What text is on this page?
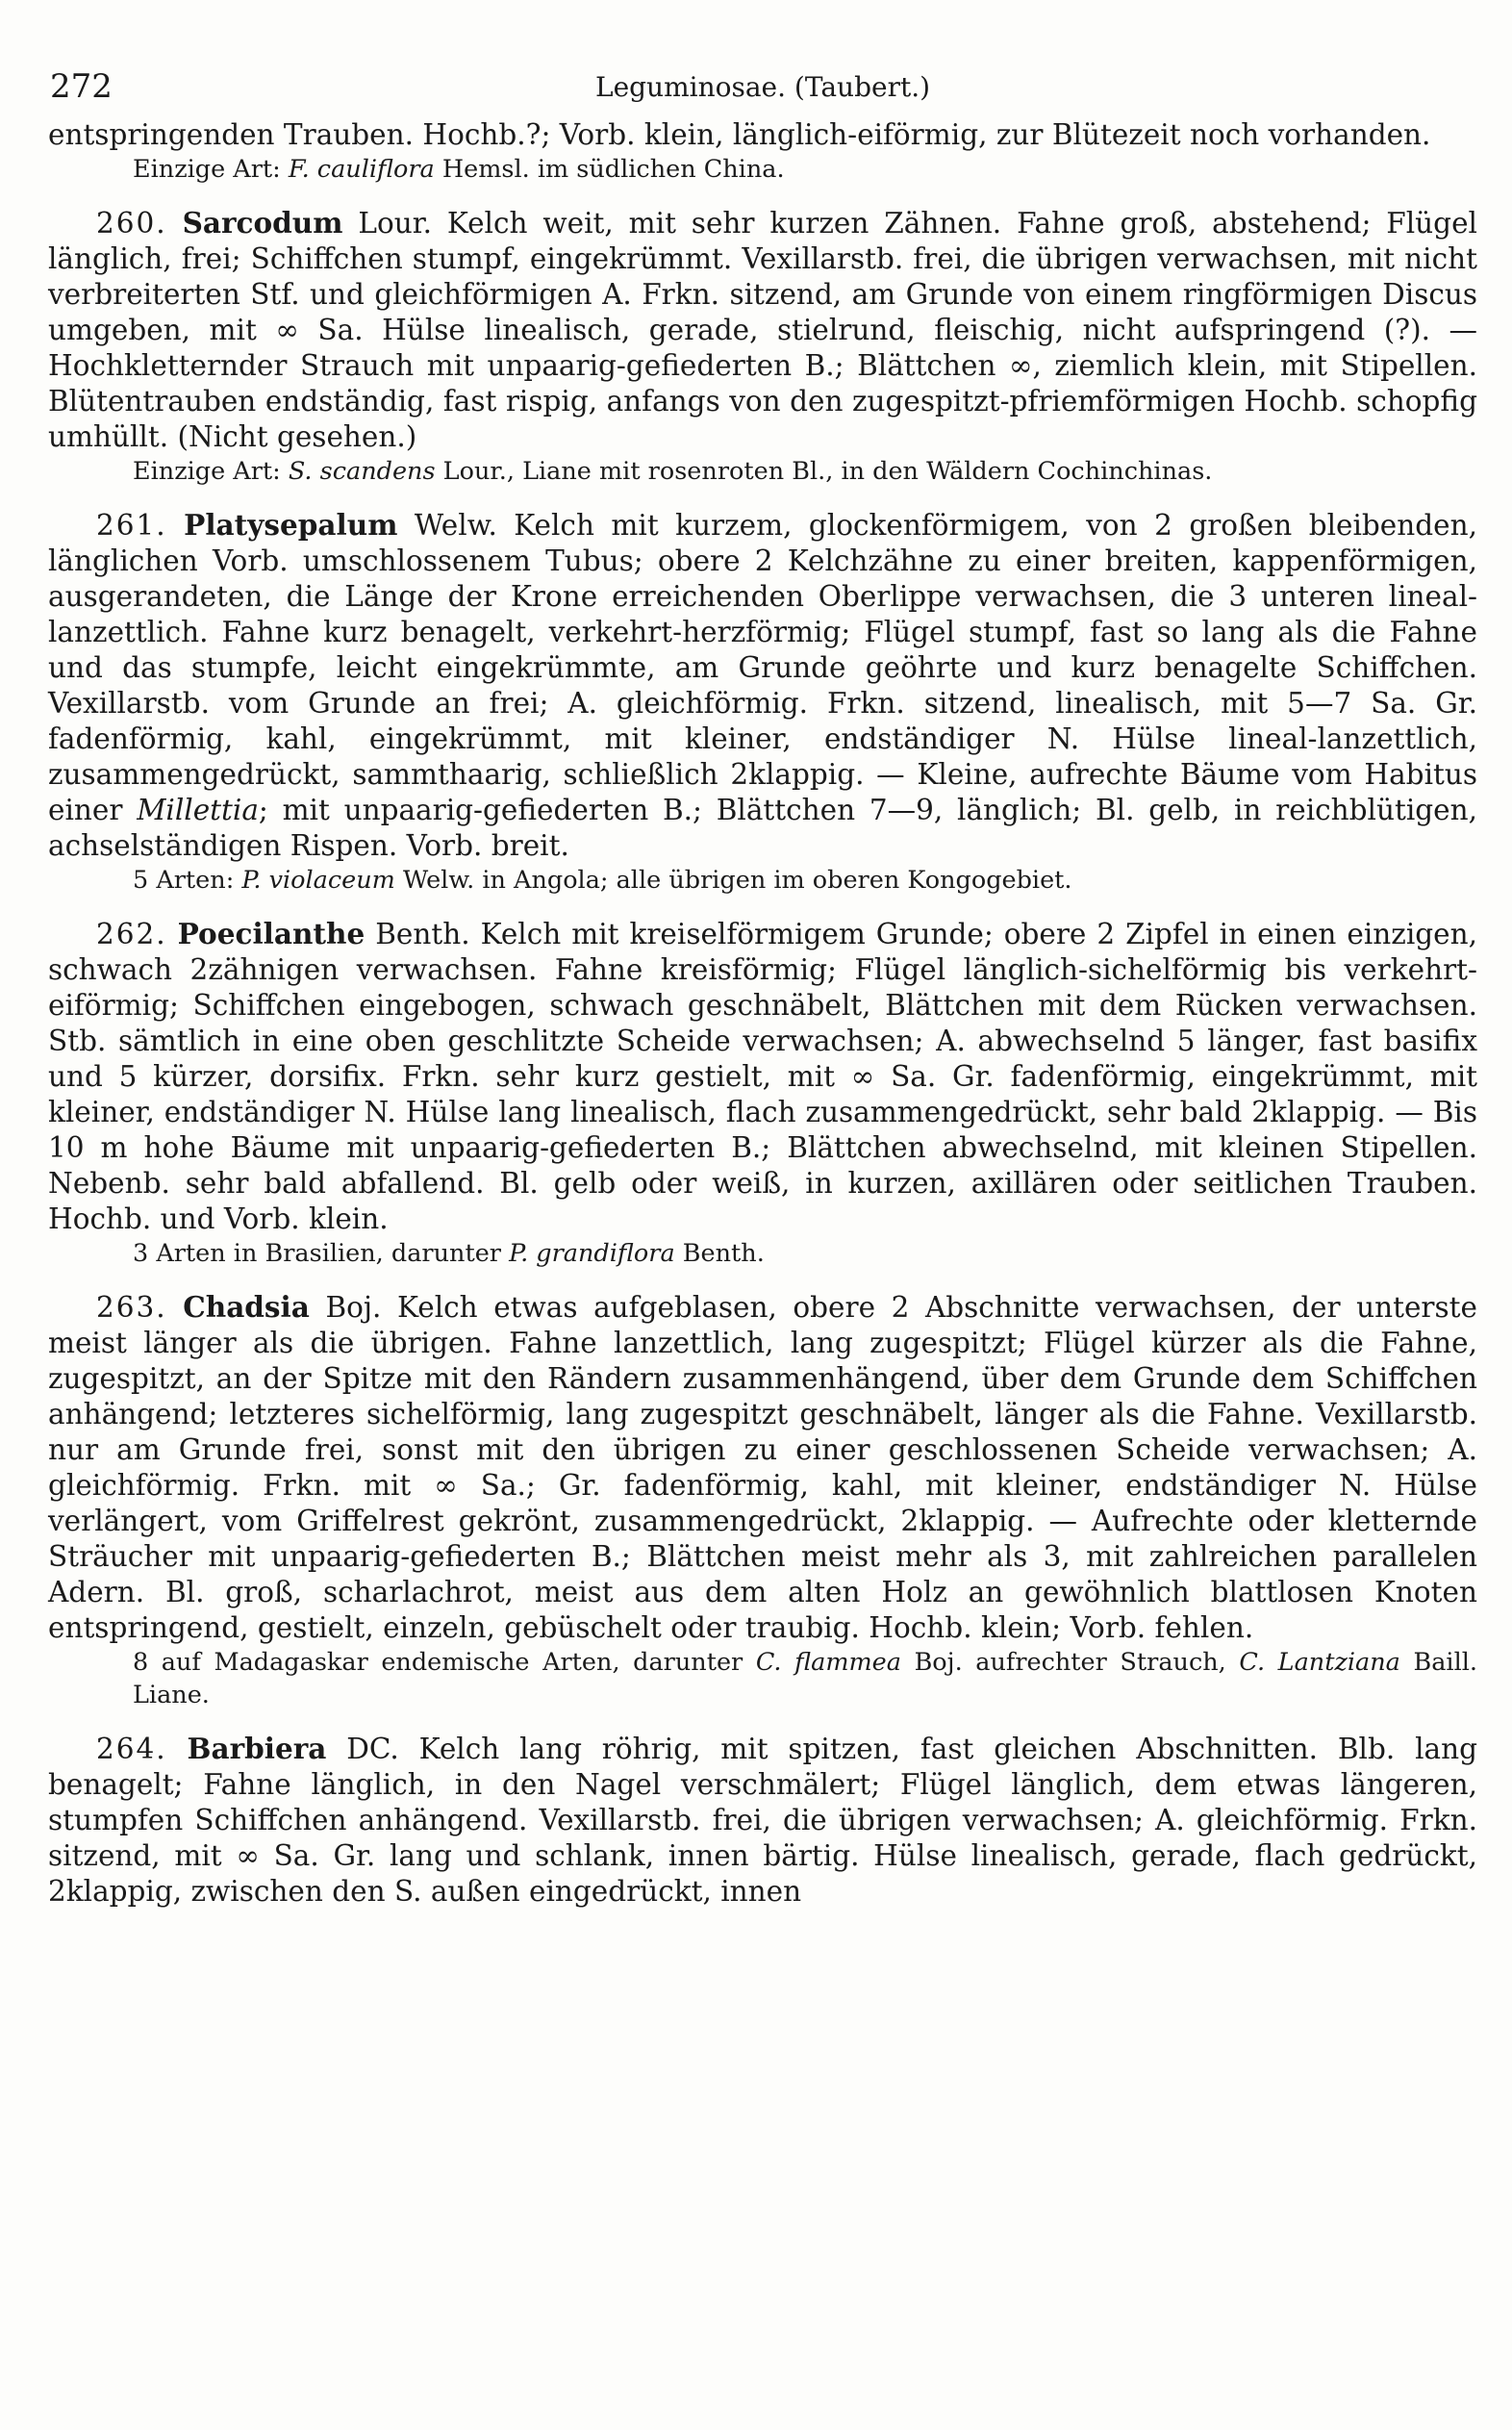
272	Leguminosae. (Taubert.)

entspringenden Trauben. Hochb.?; Vorb. klein, länglich-eiförmig, zur Blütezeit noch vorhanden.

Einzige Art: F. cauliflora Hemsl. im südlichen China.

260. Sarcodum Lour. Kelch weit, mit sehr kurzen Zähnen. Fahne groß, abstehend; Flügel länglich, frei; Schiffchen stumpf, eingekrümmt. Vexillarstb. frei, die übrigen verwachsen, mit nicht verbreiterten Stf. und gleichförmigen A. Frkn. sitzend, am Grunde von einem ringförmigen Discus umgeben, mit ∞ Sa. Hülse linealisch, gerade, stielrund, fleischig, nicht aufspringend (?). — Hochkletternder Strauch mit unpaarig-gefiederten B.; Blättchen ∞, ziemlich klein, mit Stipellen. Blütentrauben endständig, fast rispig, anfangs von den zugespitzt-pfriemförmigen Hochb. schopfig umhüllt. (Nicht gesehen.)

Einzige Art: S. scandens Lour., Liane mit rosenroten Bl., in den Wäldern Cochinchinas.

261. Platysepalum Welw. Kelch mit kurzem, glockenförmigem, von 2 großen bleibenden, länglichen Vorb. umschlossenem Tubus; obere 2 Kelchzähne zu einer breiten, kappenförmigen, ausgerandeten, die Länge der Krone erreichenden Oberlippe verwachsen, die 3 unteren lineal-lanzettlich. Fahne kurz benagelt, verkehrt-herzförmig; Flügel stumpf, fast so lang als die Fahne und das stumpfe, leicht eingekrümmte, am Grunde geöhrte und kurz benagelte Schiffchen. Vexillarstb. vom Grunde an frei; A. gleichförmig. Frkn. sitzend, linealisch, mit 5—7 Sa. Gr. fadenförmig, kahl, eingekrümmt, mit kleiner, endständiger N. Hülse lineal-lanzettlich, zusammengedrückt, sammthaarig, schließlich 2klappig. — Kleine, aufrechte Bäume vom Habitus einer Millettia; mit unpaarig-gefiederten B.; Blättchen 7—9, länglich; Bl. gelb, in reichblütigen, achselständigen Rispen. Vorb. breit.

5 Arten: P. violaceum Welw. in Angola; alle übrigen im oberen Kongogebiet.

262. Poecilanthe Benth. Kelch mit kreiselförmigem Grunde; obere 2 Zipfel in einen einzigen, schwach 2zähnigen verwachsen. Fahne kreisförmig; Flügel länglich-sichelförmig bis verkehrt-eiförmig; Schiffchen eingebogen, schwach geschnäbelt, Blättchen mit dem Rücken verwachsen. Stb. sämtlich in eine oben geschlitzte Scheide verwachsen; A. abwechselnd 5 länger, fast basifix und 5 kürzer, dorsifix. Frkn. sehr kurz gestielt, mit ∞ Sa. Gr. fadenförmig, eingekrümmt, mit kleiner, endständiger N. Hülse lang linealisch, flach zusammengedrückt, sehr bald 2klappig. — Bis 10 m hohe Bäume mit unpaarig-gefiederten B.; Blättchen abwechselnd, mit kleinen Stipellen. Nebenb. sehr bald abfallend. Bl. gelb oder weiß, in kurzen, axillären oder seitlichen Trauben. Hochb. und Vorb. klein.

3 Arten in Brasilien, darunter P. grandiflora Benth.

263. Chadsia Boj. Kelch etwas aufgeblasen, obere 2 Abschnitte verwachsen, der unterste meist länger als die übrigen. Fahne lanzettlich, lang zugespitzt; Flügel kürzer als die Fahne, zugespitzt, an der Spitze mit den Rändern zusammenhängend, über dem Grunde dem Schiffchen anhängend; letzteres sichelförmig, lang zugespitzt geschnäbelt, länger als die Fahne. Vexillarstb. nur am Grunde frei, sonst mit den übrigen zu einer geschlossenen Scheide verwachsen; A. gleichförmig. Frkn. mit ∞ Sa.; Gr. fadenförmig, kahl, mit kleiner, endständiger N. Hülse verlängert, vom Griffelrest gekrönt, zusammengedrückt, 2klappig. — Aufrechte oder kletternde Sträucher mit unpaarig-gefiederten B.; Blättchen meist mehr als 3, mit zahlreichen parallelen Adern. Bl. groß, scharlachrot, meist aus dem alten Holz an gewöhnlich blattlosen Knoten entspringend, gestielt, einzeln, gebüschelt oder traubig. Hochb. klein; Vorb. fehlen.

8 auf Madagaskar endemische Arten, darunter C. flammea Boj. aufrechter Strauch, C. Lantziana Baill. Liane.

264. Barbiera DC. Kelch lang röhrig, mit spitzen, fast gleichen Abschnitten. Blb. lang benagelt; Fahne länglich, in den Nagel verschmälert; Flügel länglich, dem etwas längeren, stumpfen Schiffchen anhängend. Vexillarstb. frei, die übrigen verwachsen; A. gleichförmig. Frkn. sitzend, mit ∞ Sa. Gr. lang und schlank, innen bärtig. Hülse linealisch, gerade, flach gedrückt, 2klappig, zwischen den S. außen eingedrückt, innen
